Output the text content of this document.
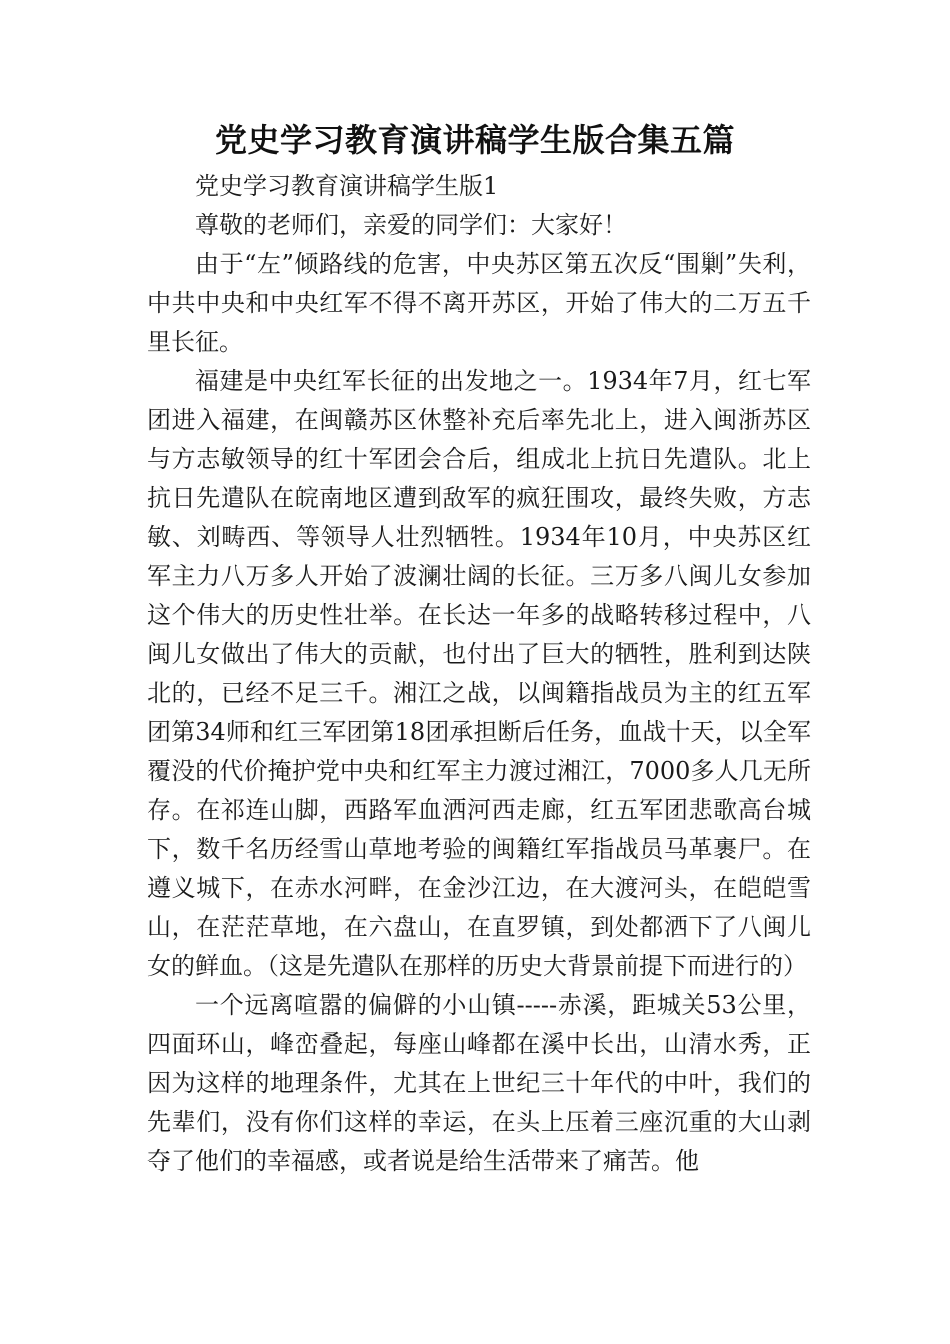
党史学习教育演讲稿学生版合集五篇

党史学习教育演讲稿学生版1

尊敬的老师们，亲爱的同学们：大家好！

由于“左”倾路线的危害，中央苏区第五次反“围剿”失利，中共中央和中央红军不得不离开苏区，开始了伟大的二万五千里长征。

福建是中央红军长征的出发地之一。1934年7月，红七军团进入福建，在闽赣苏区休整补充后率先北上，进入闽浙苏区与方志敏领导的红十军团会合后，组成北上抗日先遣队。北上抗日先遣队在皖南地区遭到敌军的疯狂围攻，最终失败，方志敏、刘畴西、等领导人壮烈牺牲。1934年10月，中央苏区红军主力八万多人开始了波澜壮阔的长征。三万多八闽儿女参加这个伟大的历史性壮举。在长达一年多的战略转移过程中，八闽儿女做出了伟大的贡献，也付出了巨大的牺牲，胜利到达陕北的，已经不足三千。湘江之战，以闽籍指战员为主的红五军团第34师和红三军团第18团承担断后任务，血战十天，以全军覆没的代价掩护党中央和红军主力渡过湘江，7000多人几无所存。在祁连山脚，西路军血洒河西走廊，红五军团悲歌高台城下，数千名历经雪山草地考验的闽籍红军指战员马革裹尸。在遵义城下，在赤水河畔，在金沙江边，在大渡河头，在皑皑雪山，在茫茫草地，在六盘山，在直罗镇，到处都洒下了八闽儿女的鲜血。（这是先遣队在那样的历史大背景前提下而进行的）

一个远离喧嚣的偏僻的小山镇-----赤溪，距城关53公里，四面环山，峰峦叠起，每座山峰都在溪中长出，山清水秀，正因为这样的地理条件，尤其在上世纪三十年代的中叶，我们的先辈们，没有你们这样的幸运，在头上压着三座沉重的大山剥夺了他们的幸福感，或者说是给生活带来了痛苦。他
